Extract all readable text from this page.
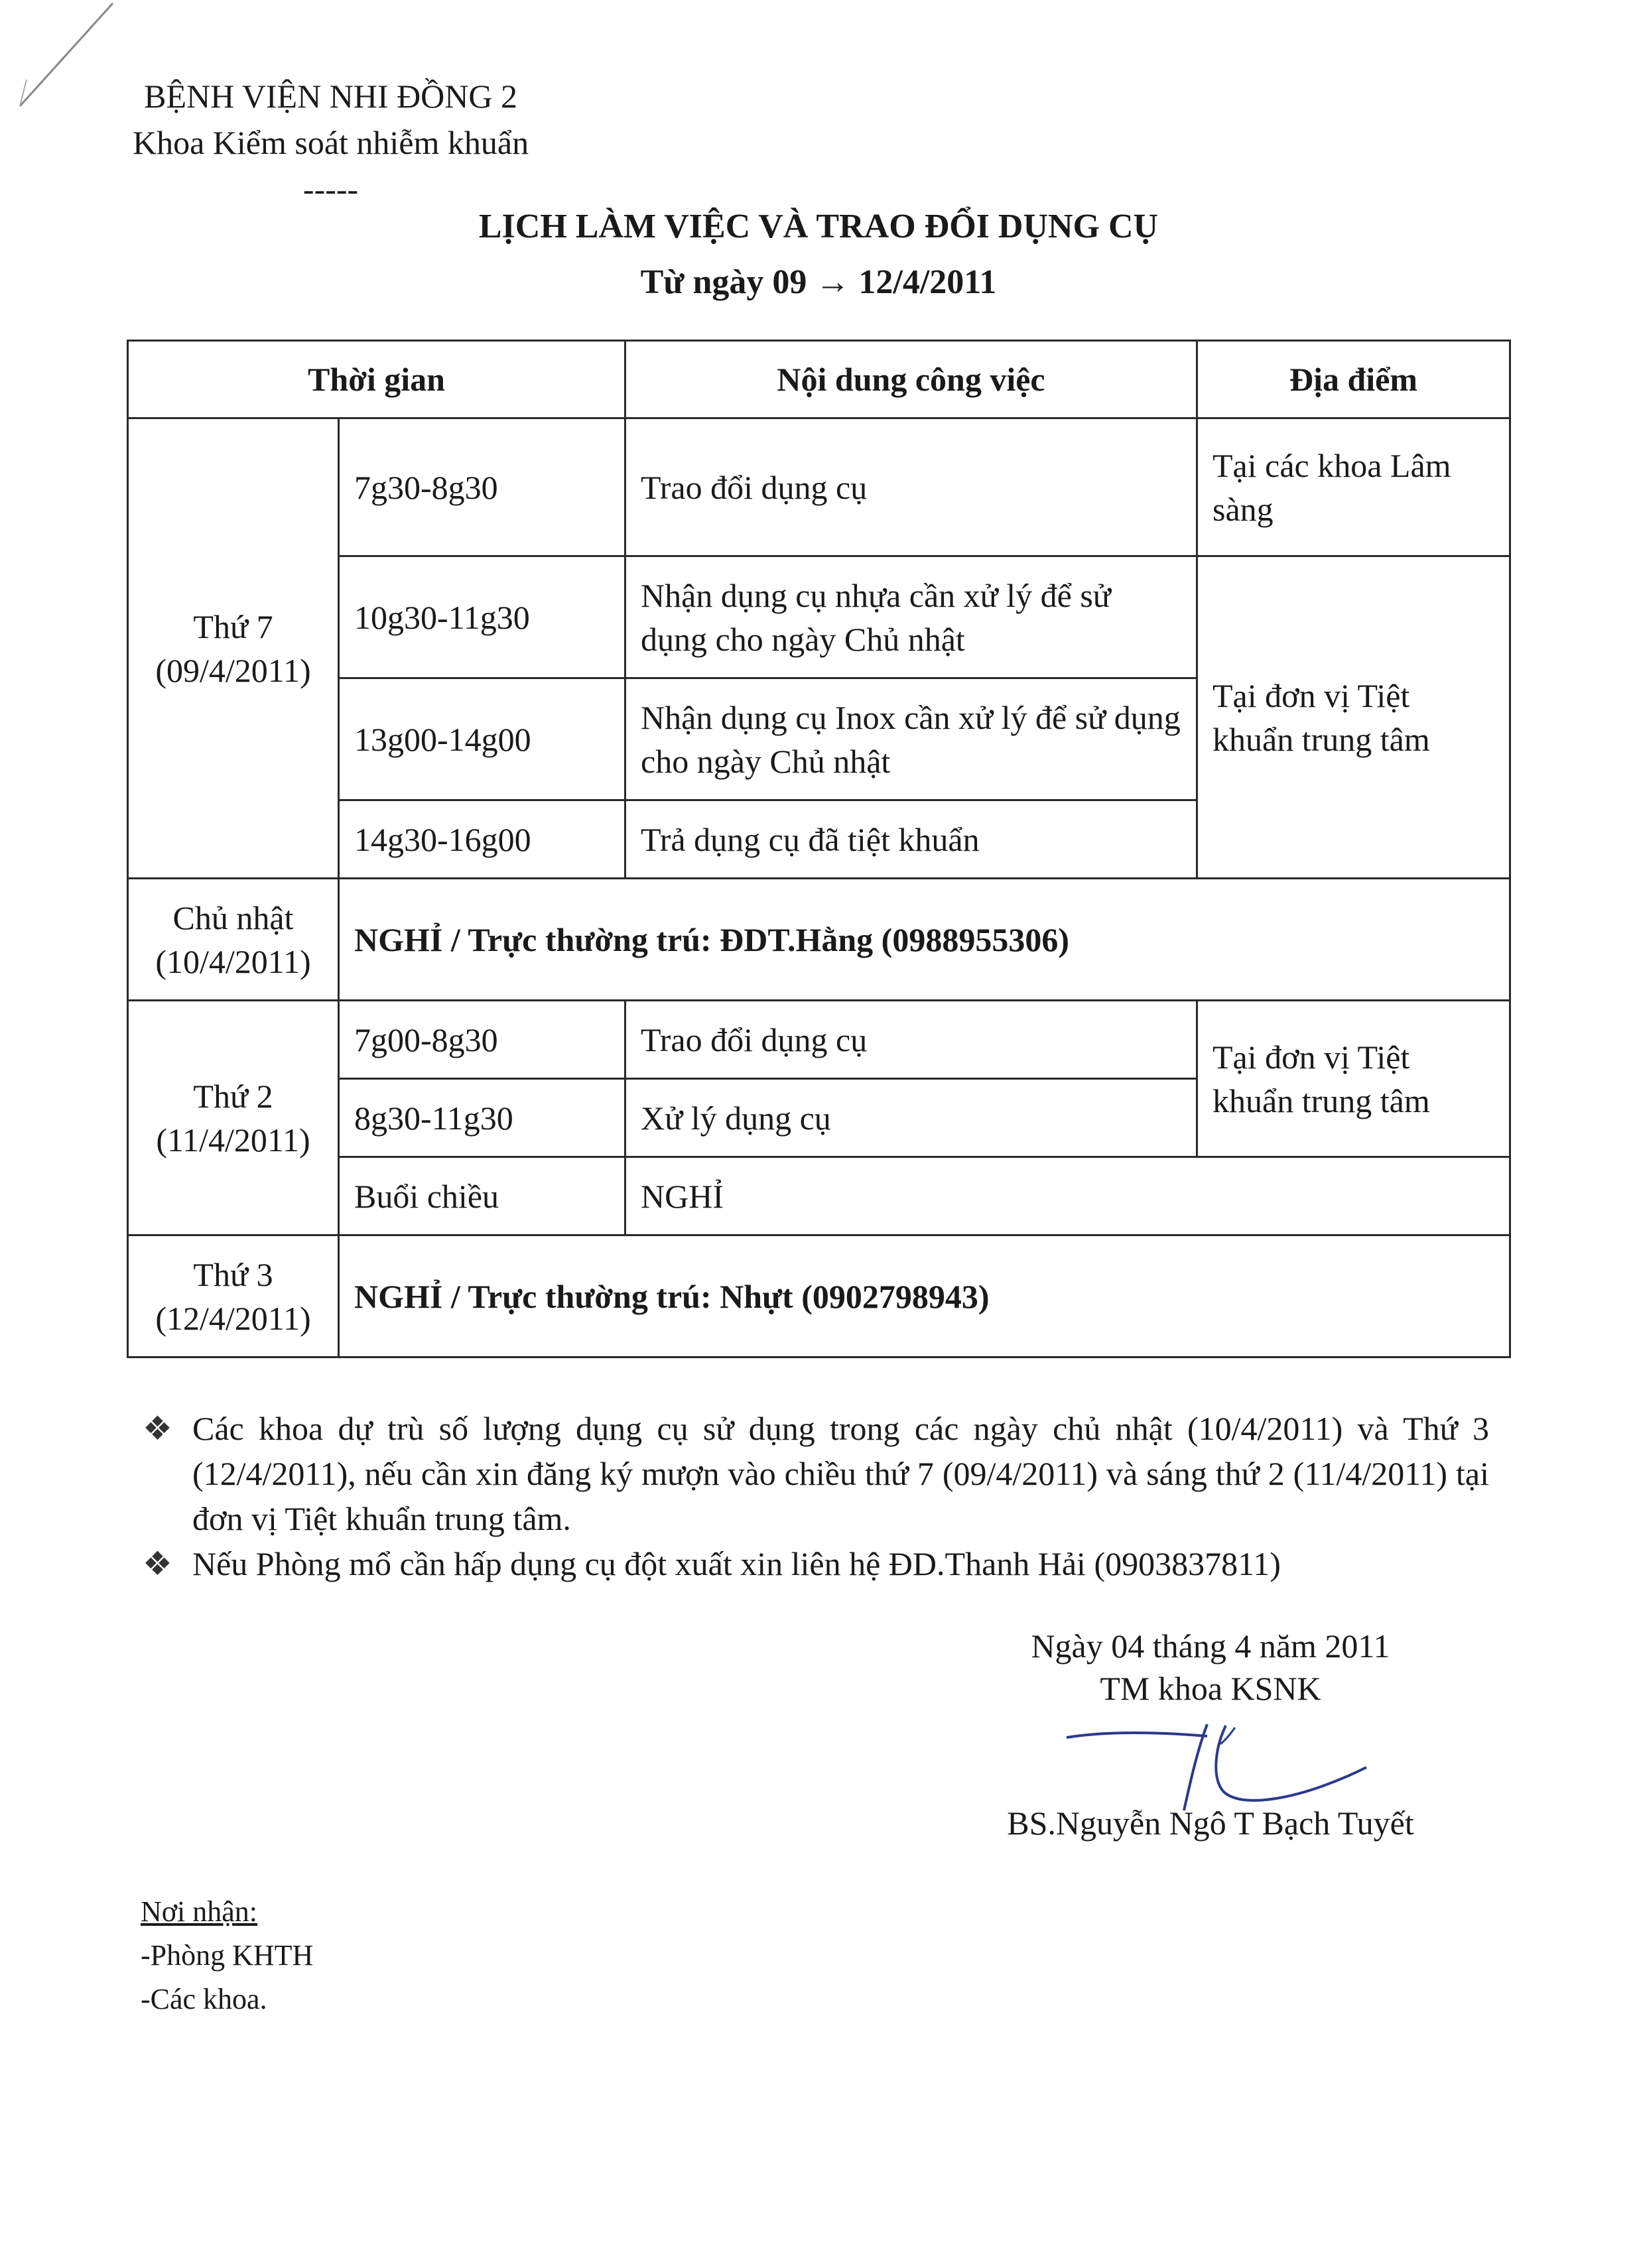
BỆNH VIỆN NHI ĐỒNG 2
Khoa Kiểm soát nhiễm khuẩn
-----
LỊCH LÀM VIỆC VÀ TRAO ĐỔI DỤNG CỤ
Từ ngày 09 → 12/4/2011
Thời gian		Nội dung công việc	Địa điểm

Thứ 7
(09/4/2011)	7g30-8g30	Trao đổi dụng cụ	Tại các khoa Lâm sàng
	10g30-11g30	Nhận dụng cụ nhựa cần xử lý để sử dụng cho ngày Chủ nhật	Tại đơn vị Tiệt khuẩn trung tâm
	13g00-14g00	Nhận dụng cụ Inox cần xử lý để sử dụng cho ngày Chủ nhật	
	14g30-16g00	Trả dụng cụ đã tiệt khuẩn	

Chủ nhật
(10/4/2011)	NGHỈ / Trực thường trú: ĐDT.Hằng (0988955306)		

Thứ 2
(11/4/2011)	7g00-8g30	Trao đổi dụng cụ	Tại đơn vị Tiệt khuẩn trung tâm
	8g30-11g30	Xử lý dụng cụ	
	Buổi chiều	NGHỈ	

Thứ 3
(12/4/2011)	NGHỈ / Trực thường trú: Nhựt (0902798943)		
❖ Các khoa dự trù số lượng dụng cụ sử dụng trong các ngày chủ nhật (10/4/2011) và Thứ 3 (12/4/2011), nếu cần xin đăng ký mượn vào chiều thứ 7 (09/4/2011) và sáng thứ 2 (11/4/2011) tại đơn vị Tiệt khuẩn trung tâm.
❖ Nếu Phòng mổ cần hấp dụng cụ đột xuất xin liên hệ ĐD.Thanh Hải (0903837811)
Ngày 04 tháng 4 năm 2011
TM khoa KSNK
BS.Nguyễn Ngô T Bạch Tuyết
Nơi nhận:
-Phòng KHTH
-Các khoa.
